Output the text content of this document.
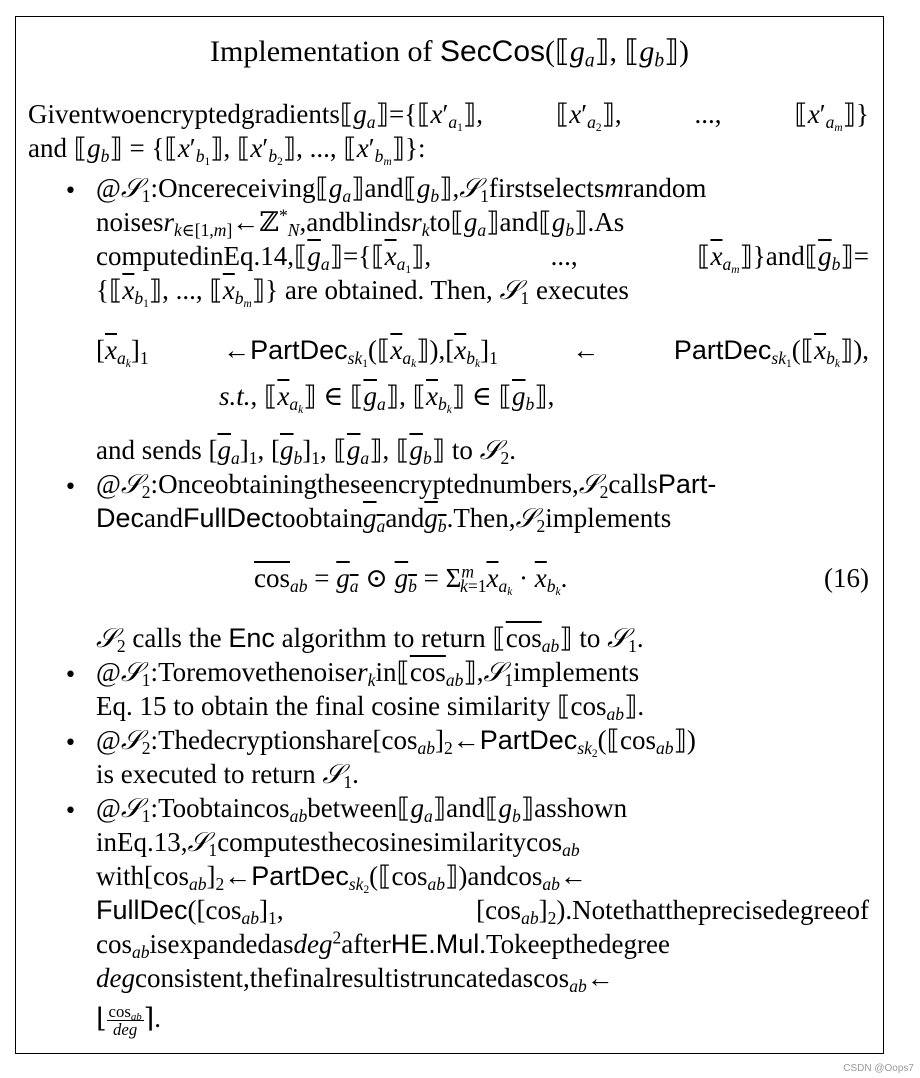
Implementation of $SecCos(⟦g_a⟧$, $⟦g_b⟧$)
$Giventwoencryptedgradients⟦g_a⟧=\{⟦x'_{a_1}⟧$, $⟦x'_{a_2}⟧$, ..., $⟦x'_{a_m}⟧$}
and $⟦g_b⟧$ = {$⟦x'_{b_1}⟧$, $⟦x'_{b_2}⟧$, ..., $⟦x'_{b_m}⟧$}:
• $@𝒮_1:Oncereceiving⟦g_a⟧and⟦g_b⟧,𝒮_1firstselectsmrandom$
$noisesr_{k\in[1,m]}\leftarrow ℤ^*_N,andblindsr_kto⟦g_a⟧and⟦g_b⟧.As$
$computedinEq.14,⟦\overline{g}_a⟧=\{⟦\overline{x}_{a_1}⟧$, ..., $⟦\overline{x}_{a_m}⟧\}and⟦\overline{g}_b⟧=$
{$⟦\overline{x}_{b_1}⟧$, ..., $⟦\overline{x}_{b_m}⟧$} are obtained. Then, 𝒮$_1$ executes
$[\overline{x}_{a_k}]_1$ $\leftarrow PartDec_{sk_1}(⟦\overline{x}_{a_k}⟧),[\overline{x}_{b_k}]_1$ ← $PartDec_{sk_1}(⟦\overline{x}_{b_k}⟧)$,
s.t., $⟦\overline{x}_{a_k}⟧$ ∈ $⟦\overline{g}_a⟧$, $⟦\overline{x}_{b_k}⟧$ ∈ $⟦\overline{g}_b⟧$,
and sends $[\overline{g}_a]_1$, $[\overline{g}_b]_1$, $⟦\overline{g}_a⟧$, $⟦\overline{g}_b⟧$ to 𝒮$_2$.
• @𝒮$_2$:Onceobtainingtheseencryptednumbers,𝒮$_2$callsPart-
DecandFullDectoobtaing$_a$andg$_b$.Then,𝒮$_2$implements
$\overline{cos}_{ab} = g_a$ ⊙ $g_b = \Sigma^m_{k=1}\overline{x}_{a_k} \cdot \overline{x}_{b_k}$.	(16)
𝒮$_2$ calls the Enc algorithm to return $⟦\overline{cos}_{ab}⟧$ to 𝒮$_1$.
• $@𝒮_1:Toremovethenoiser_kin⟦\overline{cos}_{ab}⟧,𝒮_1implements$
Eq. 15 to obtain the final cosine similarity $⟦\cos_{ab}⟧$.
• $@𝒮_2:Thedecryptionshare[\cos_{ab}]_2\leftarrow PartDec_{sk_2}(⟦\cos_{ab}⟧)$
is executed to return 𝒮$_1$.
• $@𝒮_1:Toobtaincos_{ab}between⟦g_a⟧and⟦g_b⟧asshown$
inEq.13,𝒮$_1$computesthecosinesimilaritycos$_{ab}$
$with[\cos_{ab}]_2\leftarrow PartDec_{sk_2}(⟦\cos_{ab}⟧)andcos_{ab}\leftarrow$
$FullDec([\cos_{ab}]_1$, $[\cos_{ab}]_2).Notethattheprecisedegreeof$
$\cos_{ab}isexpandedasdeg^2afterHE.Mul.Tokeepthedegree$
degconsistent,thefinalresultistruncatedascos$_{ab}$←
⌊ $\frac{\cos_{ab}}{\text{deg}}$ ⌉.
CSDN @Oops7
